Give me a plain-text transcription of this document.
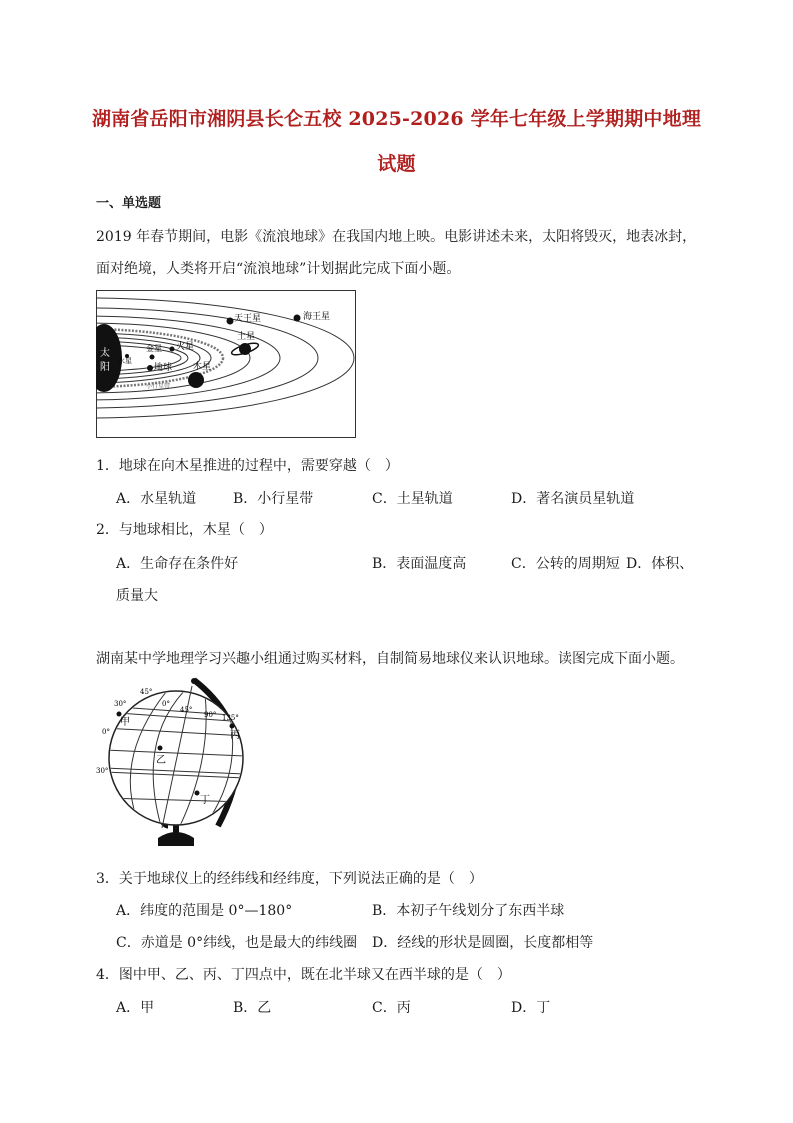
湖南省岳阳市湘阴县长仑五校 2025-2026 学年七年级上学期期中地理
试题
一、单选题
2019 年春节期间，电影《流浪地球》在我国内地上映。电影讲述未来，太阳将毁灭，地表冰封，
面对绝境，人类将开启“流浪地球”计划据此完成下面小题。
太
阳
水星
金星 火星
地球
小行星带
木星
土星
天王星	海王星
1．地球在向木星推进的过程中，需要穿越（　）
A．水星轨道	B．小行星带	C．土星轨道	D．著名演员星轨道
2．与地球相比，木星（　）
A．生命存在条件好	B．表面温度高	C．公转的周期短 D．体积、
质量大
湖南某中学地理学习兴趣小组通过购买材料，自制简易地球仪来认识地球。读图完成下面小题。
45°
0°
45°
90° 135°
30°
0°
30°
甲
乙
丙
丁
3．关于地球仪上的经纬线和经纬度，下列说法正确的是（　）
A．纬度的范围是 0°—180°	B．本初子午线划分了东西半球
C．赤道是 0°纬线，也是最大的纬线圈 D．经线的形状是圆圈，长度都相等
4．图中甲、乙、丙、丁四点中，既在北半球又在西半球的是（　）
A．甲	B．乙	C．丙	D．丁
